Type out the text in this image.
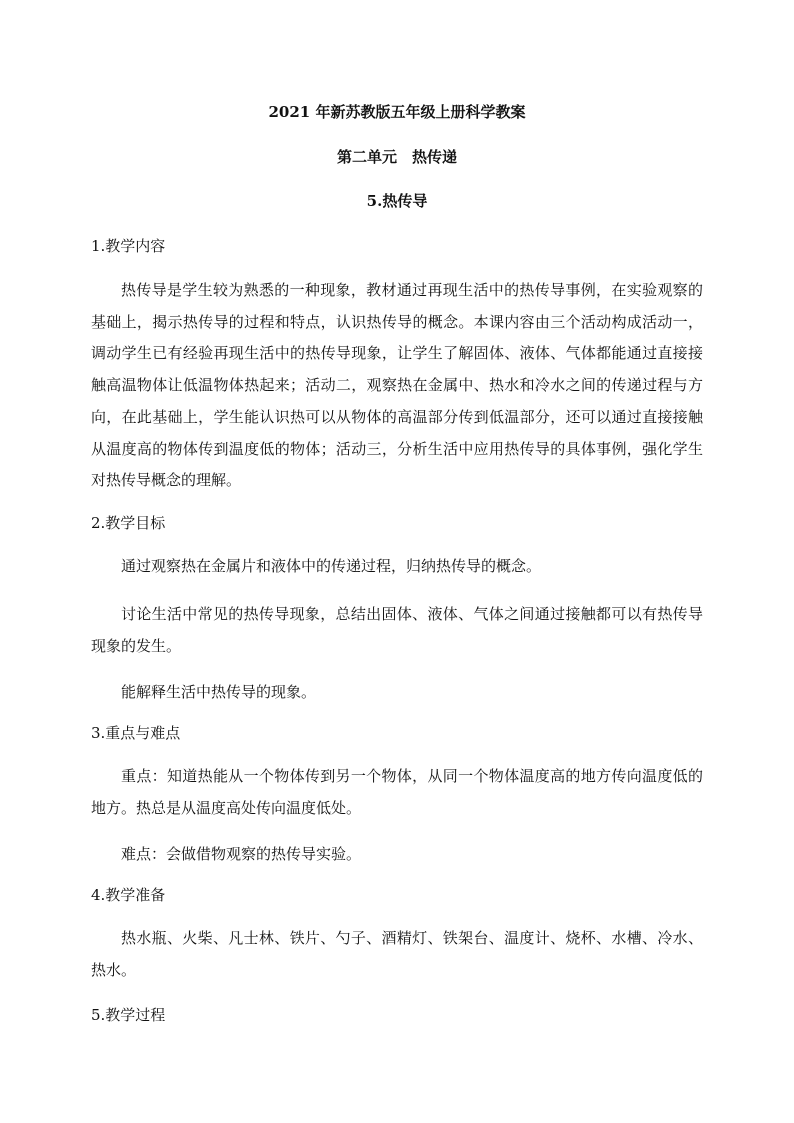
2021 年新苏教版五年级上册科学教案
第二单元　热传递
5.热传导
1.教学内容
热传导是学生较为熟悉的一种现象，教材通过再现生活中的热传导事例，在实验观察的基础上，揭示热传导的过程和特点，认识热传导的概念。本课内容由三个活动构成活动一，调动学生已有经验再现生活中的热传导现象，让学生了解固体、液体、气体都能通过直接接触高温物体让低温物体热起来；活动二，观察热在金属中、热水和冷水之间的传递过程与方向，在此基础上，学生能认识热可以从物体的高温部分传到低温部分，还可以通过直接接触从温度高的物体传到温度低的物体；活动三，分析生活中应用热传导的具体事例，强化学生对热传导概念的理解。
2.教学目标
通过观察热在金属片和液体中的传递过程，归纳热传导的概念。
讨论生活中常见的热传导现象，总结出固体、液体、气体之间通过接触都可以有热传导现象的发生。
能解释生活中热传导的现象。
3.重点与难点
重点：知道热能从一个物体传到另一个物体，从同一个物体温度高的地方传向温度低的地方。热总是从温度高处传向温度低处。
难点：会做借物观察的热传导实验。
4.教学准备
热水瓶、火柴、凡士林、铁片、勺子、酒精灯、铁架台、温度计、烧杯、水槽、冷水、热水。
5.教学过程
